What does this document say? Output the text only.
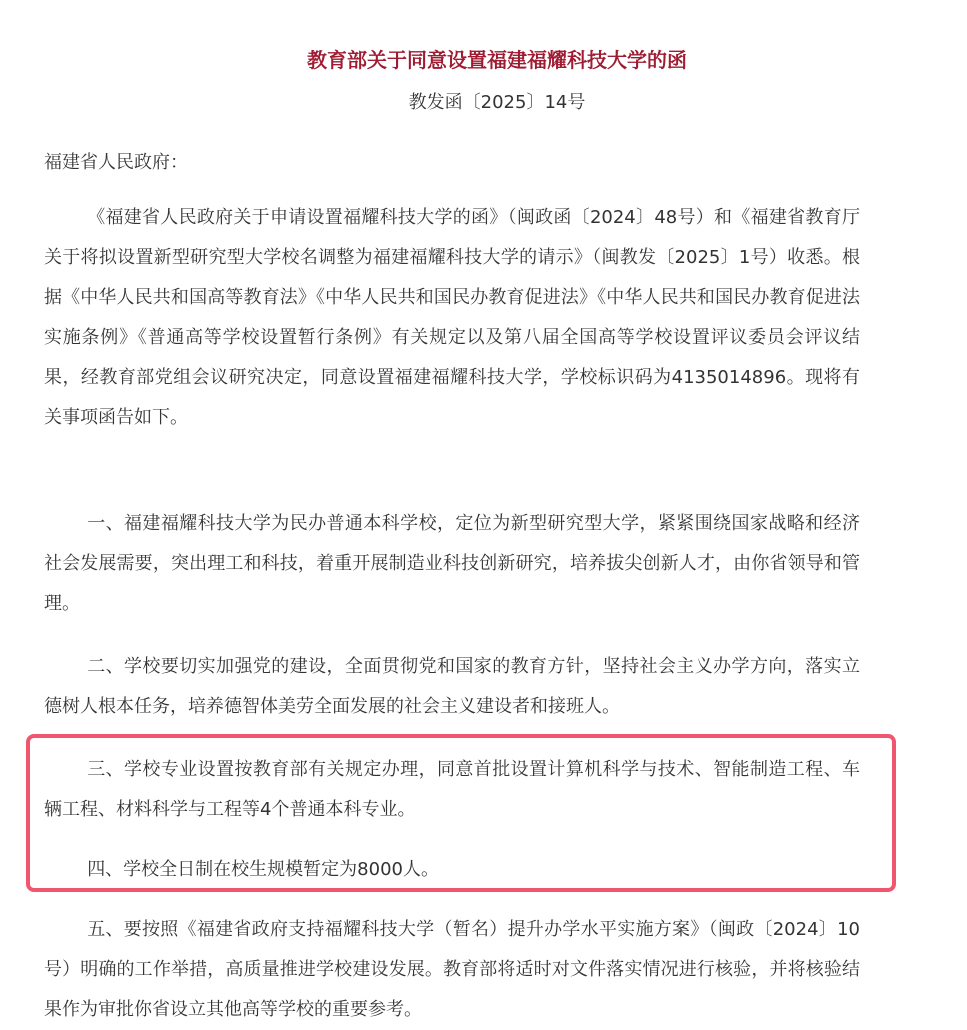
教育部关于同意设置福建福耀科技大学的函
教发函〔2025〕14号
福建省人民政府：

《福建省人民政府关于申请设置福耀科技大学的函》（闽政函〔2024〕48号）和《福建省教育厅关于将拟设置新型研究型大学校名调整为福建福耀科技大学的请示》（闽教发〔2025〕1号）收悉。根据《中华人民共和国高等教育法》《中华人民共和国民办教育促进法》《中华人民共和国民办教育促进法实施条例》《普通高等学校设置暂行条例》有关规定以及第八届全国高等学校设置评议委员会评议结果，经教育部党组会议研究决定，同意设置福建福耀科技大学，学校标识码为4135014896。现将有关事项函告如下。

一、福建福耀科技大学为民办普通本科学校，定位为新型研究型大学，紧紧围绕国家战略和经济社会发展需要，突出理工和科技，着重开展制造业科技创新研究，培养拔尖创新人才，由你省领导和管理。

二、学校要切实加强党的建设，全面贯彻党和国家的教育方针，坚持社会主义办学方向，落实立德树人根本任务，培养德智体美劳全面发展的社会主义建设者和接班人。

三、学校专业设置按教育部有关规定办理，同意首批设置计算机科学与技术、智能制造工程、车辆工程、材料科学与工程等4个普通本科专业。

四、学校全日制在校生规模暂定为8000人。

五、要按照《福建省政府支持福耀科技大学（暂名）提升办学水平实施方案》（闽政〔2024〕10号）明确的工作举措，高质量推进学校建设发展。教育部将适时对文件落实情况进行核验，并将核验结果作为审批你省设立其他高等学校的重要参考。
